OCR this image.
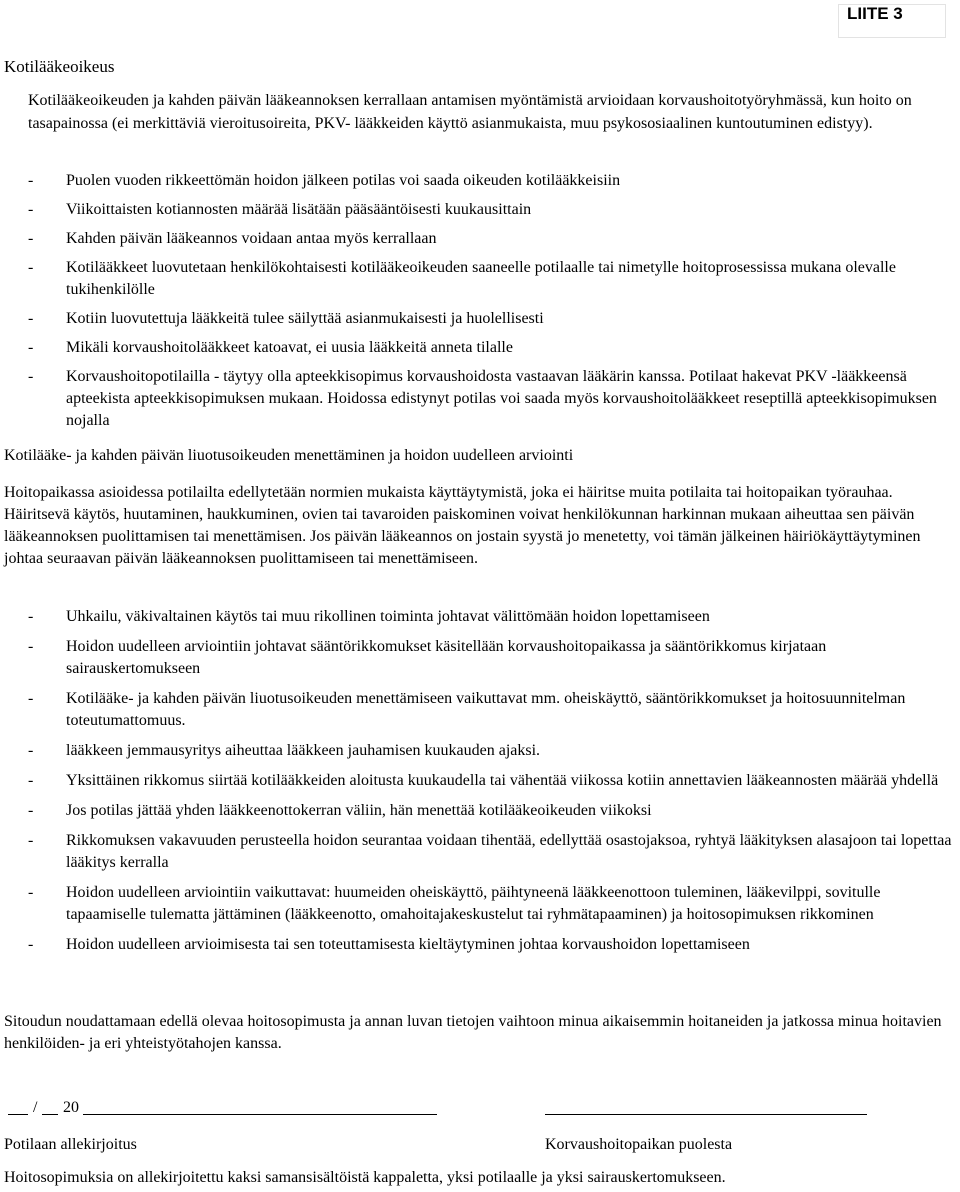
LIITE 3
Kotilääkeoikeus
Kotilääkeoikeuden ja kahden päivän lääkeannoksen kerrallaan antamisen myöntämistä arvioidaan korvaushoitotyöryhmässä, kun hoito on tasapainossa (ei merkittäviä vieroitusoireita, PKV- lääkkeiden käyttö asianmukaista, muu psykososiaalinen kuntoutuminen edistyy).
- Puolen vuoden rikkeettömän hoidon jälkeen potilas voi saada oikeuden kotilääkkeisiin
- Viikoittaisten kotiannosten määrää lisätään pääsääntöisesti kuukausittain
- Kahden päivän lääkeannos voidaan antaa myös kerrallaan
- Kotilääkkeet luovutetaan henkilökohtaisesti kotilääkeoikeuden saaneelle potilaalle tai nimetylle hoitoprosessissa mukana olevalle tukihenkilölle
- Kotiin luovutettuja lääkkeitä tulee säilyttää asianmukaisesti ja huolellisesti
- Mikäli korvaushoitolääkkeet katoavat, ei uusia lääkkeitä anneta tilalle
- Korvaushoitopotilailla - täytyy olla apteekkisopimus korvaushoidosta vastaavan lääkärin kanssa. Potilaat hakevat PKV -lääkkeensä apteekista apteekkisopimuksen mukaan. Hoidossa edistynyt potilas voi saada myös korvaushoitolääkkeet reseptillä apteekkisopimuksen nojalla
Kotilääke- ja kahden päivän liuotusoikeuden menettäminen ja hoidon uudelleen arviointi
Hoitopaikassa asioidessa potilailta edellytetään normien mukaista käyttäytymistä, joka ei häiritse muita potilaita tai hoitopaikan työrauhaa. Häiritsevä käytös, huutaminen, haukkuminen, ovien tai tavaroiden paiskominen voivat henkilökunnan harkinnan mukaan aiheuttaa sen päivän lääkeannoksen puolittamisen tai menettämisen. Jos päivän lääkeannos on jostain syystä jo menetetty, voi tämän jälkeinen häiriökäyttäytyminen johtaa seuraavan päivän lääkeannoksen puolittamiseen tai menettämiseen.
- Uhkailu, väkivaltainen käytös tai muu rikollinen toiminta johtavat välittömään hoidon lopettamiseen
- Hoidon uudelleen arviointiin johtavat sääntörikkomukset käsitellään korvaushoitopaikassa ja sääntörikkomus kirjataan sairauskertomukseen
- Kotilääke- ja kahden päivän liuotusoikeuden menettämiseen vaikuttavat mm. oheiskäyttö, sääntörikkomukset ja hoitosuunnitelman toteutumattomuus.
- lääkkeen jemmausyritys aiheuttaa lääkkeen jauhamisen kuukauden ajaksi.
- Yksittäinen rikkomus siirtää kotilääkkeiden aloitusta kuukaudella tai vähentää viikossa kotiin annettavien lääkeannosten määrää yhdellä
- Jos potilas jättää yhden lääkkeenottokerran väliin, hän menettää kotilääkeoikeuden viikoksi
- Rikkomuksen vakavuuden perusteella hoidon seurantaa voidaan tihentää, edellyttää osastojaksoa, ryhtyä lääkityksen alasajoon tai lopettaa lääkitys kerralla
- Hoidon uudelleen arviointiin vaikuttavat: huumeiden oheiskäyttö, päihtyneenä lääkkeenottoon tuleminen, lääkevilppi, sovitulle tapaamiselle tulematta jättäminen (lääkkeenotto, omahoitajakeskustelut tai ryhmätapaaminen) ja hoitosopimuksen rikkominen
- Hoidon uudelleen arvioimisesta tai sen toteuttamisesta kieltäytyminen johtaa korvaushoidon lopettamiseen
Sitoudun noudattamaan edellä olevaa hoitosopimusta ja annan luvan tietojen vaihtoon minua aikaisemmin hoitaneiden ja jatkossa minua hoitavien henkilöiden- ja eri yhteistyötahojen kanssa.
/ 20
Potilaan allekirjoitus	Korvaushoitopaikan puolesta
Hoitosopimuksia on allekirjoitettu kaksi samansisältöistä kappaletta, yksi potilaalle ja yksi sairauskertomukseen.
